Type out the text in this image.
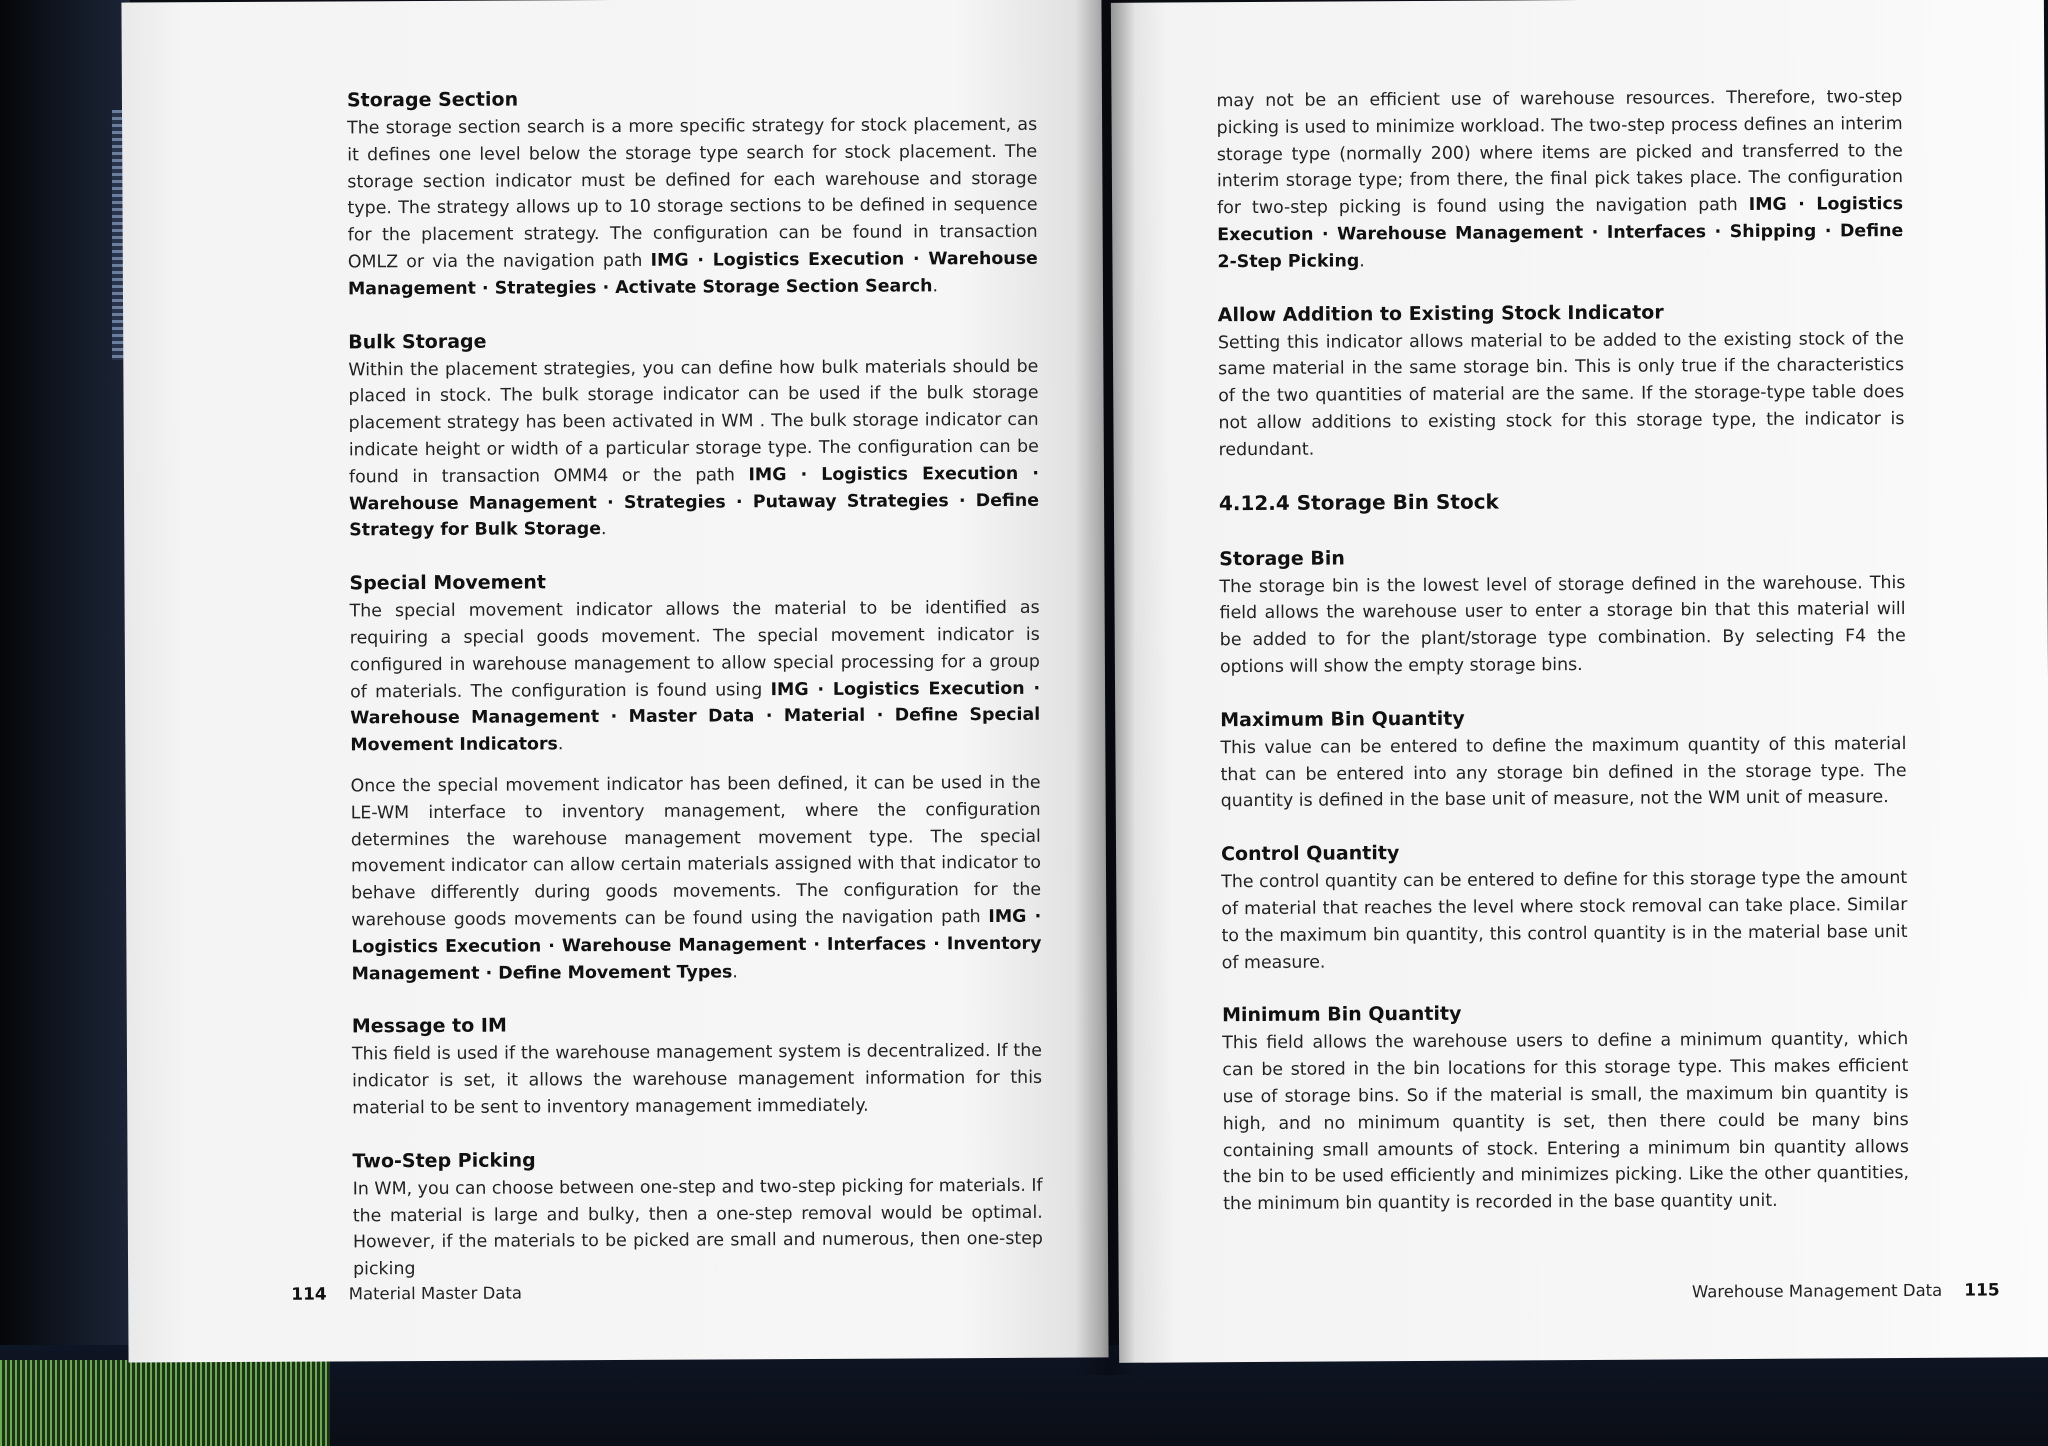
Storage Section

The storage section search is a more specific strategy for stock placement, as it defines one level below the storage type search for stock placement. The storage section indicator must be defined for each warehouse and storage type. The strategy allows up to 10 storage sections to be defined in sequence for the placement strategy. The configuration can be found in transaction OMLZ or via the navigation path IMG · Logistics Execution · Warehouse Management · Strategies · Activate Storage Section Search.

Bulk Storage

Within the placement strategies, you can define how bulk materials should be placed in stock. The bulk storage indicator can be used if the bulk storage placement strategy has been activated in WM . The bulk storage indicator can indicate height or width of a particular storage type. The configuration can be found in transaction OMM4 or the path IMG · Logistics Execution · Warehouse Management · Strategies · Putaway Strategies · Define Strategy for Bulk Storage.

Special Movement

The special movement indicator allows the material to be identified as requiring a special goods movement. The special movement indicator is configured in warehouse management to allow special processing for a group of materials. The configuration is found using IMG · Logistics Execution · Warehouse Management · Master Data · Material · Define Special Movement Indicators.

Once the special movement indicator has been defined, it can be used in the LE-WM interface to inventory management, where the configuration determines the warehouse management movement type. The special movement indicator can allow certain materials assigned with that indicator to behave differently during goods movements. The configuration for the warehouse goods movements can be found using the navigation path IMG · Logistics Execution · Warehouse Management · Interfaces · Inventory Management · Define Movement Types.

Message to IM

This field is used if the warehouse management system is decentralized. If the indicator is set, it allows the warehouse management information for this material to be sent to inventory management immediately.

Two-Step Picking

In WM, you can choose between one-step and two-step picking for materials. If the material is large and bulky, then a one-step removal would be optimal. However, if the materials to be picked are small and numerous, then one-step picking

114 Material Master Data

may not be an efficient use of warehouse resources. Therefore, two-step picking is used to minimize workload. The two-step process defines an interim storage type (normally 200) where items are picked and transferred to the interim storage type; from there, the final pick takes place. The configuration for two-step picking is found using the navigation path IMG · Logistics Execution · Warehouse Management · Interfaces · Shipping · Define 2-Step Picking.

Allow Addition to Existing Stock Indicator

Setting this indicator allows material to be added to the existing stock of the same material in the same storage bin. This is only true if the characteristics of the two quantities of material are the same. If the storage-type table does not allow additions to existing stock for this storage type, the indicator is redundant.

4.12.4 Storage Bin Stock
Storage Bin

The storage bin is the lowest level of storage defined in the warehouse. This field allows the warehouse user to enter a storage bin that this material will be added to for the plant/storage type combination. By selecting F4 the options will show the empty storage bins.

Maximum Bin Quantity

This value can be entered to define the maximum quantity of this material that can be entered into any storage bin defined in the storage type. The quantity is defined in the base unit of measure, not the WM unit of measure.

Control Quantity

The control quantity can be entered to define for this storage type the amount of material that reaches the level where stock removal can take place. Similar to the maximum bin quantity, this control quantity is in the material base unit of measure.

Minimum Bin Quantity

This field allows the warehouse users to define a minimum quantity, which can be stored in the bin locations for this storage type. This makes efficient use of storage bins. So if the material is small, the maximum bin quantity is high, and no minimum quantity is set, then there could be many bins containing small amounts of stock. Entering a minimum bin quantity allows the bin to be used efficiently and minimizes picking. Like the other quantities, the minimum bin quantity is recorded in the base quantity unit.

Warehouse Management Data 115
